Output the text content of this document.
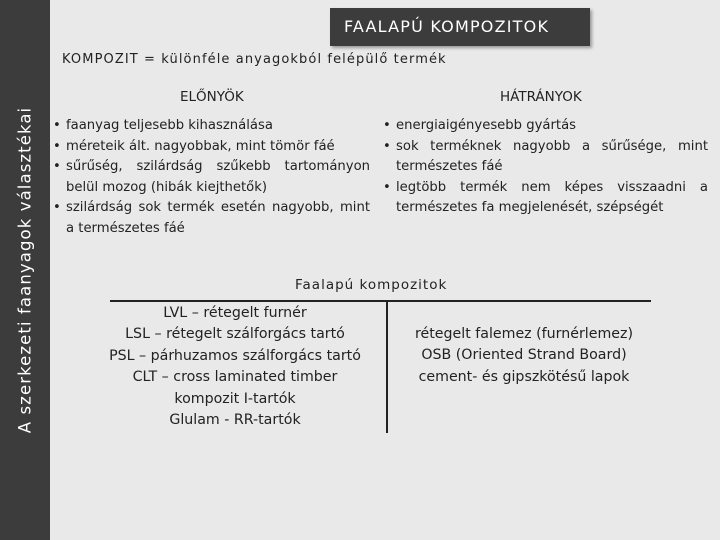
A szerkezeti faanyagok választékai
FAALAPÚ KOMPOZITOK
KOMPOZIT = különféle anyagokból felépülő termék
ELŐNYÖK	HÁTRÁNYOK
• faanyag teljesebb kihasználása
• méreteik ált. nagyobbak, mint tömör fáé
• sűrűség, szilárdság szűkebb tartományon belül mozog (hibák kiejthetők)
• szilárdság sok termék esetén nagyobb, mint a természetes fáé
• energiaigényesebb gyártás
• sok terméknek nagyobb a sűrűsége, mint természetes fáé
• legtöbb termék nem képes visszaadni a természetes fa megjelenését, szépségét
Faalapú kompozitok
LVL – rétegelt furnér
LSL – rétegelt szálforgács tartó
PSL – párhuzamos szálforgács tartó
CLT – cross laminated timber
kompozit I-tartók
Glulam - RR-tartók
rétegelt falemez (furnérlemez)
OSB (Oriented Strand Board)
cement- és gipszkötésű lapok
